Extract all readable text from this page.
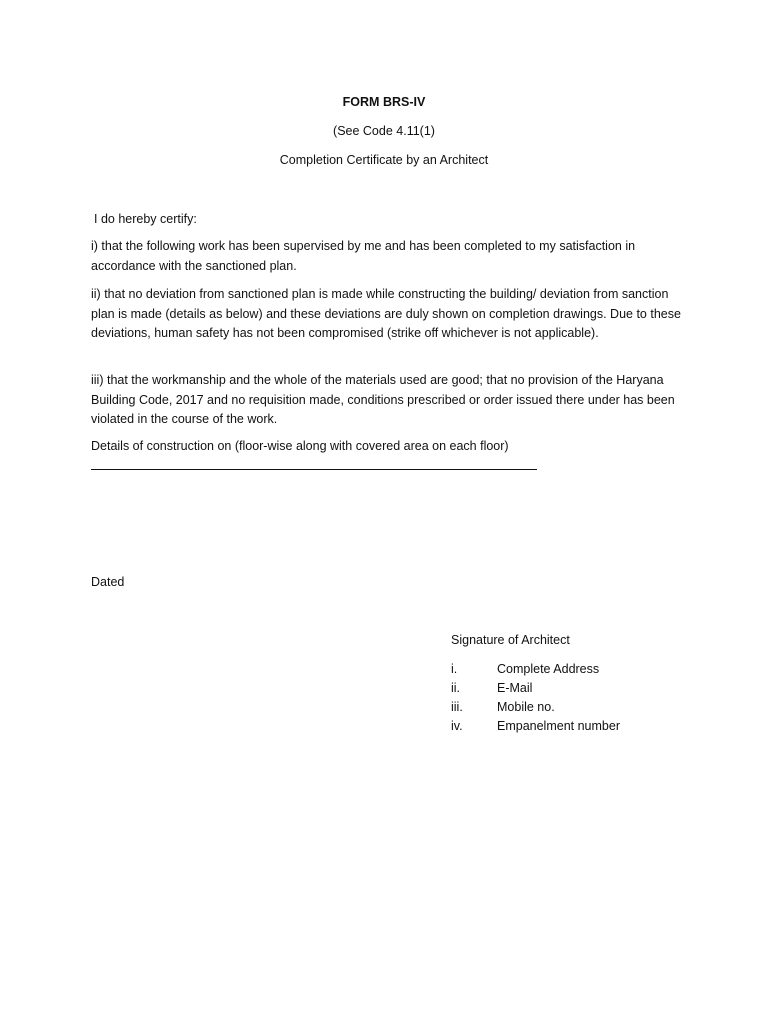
FORM BRS-IV
(See Code 4.11(1)
Completion Certificate by an Architect

I do hereby certify:

i) that the following work has been supervised by me and has been completed to my satisfaction in accordance with the sanctioned plan.

ii) that no deviation from sanctioned plan is made while constructing the building/ deviation from sanction plan is made (details as below) and these deviations are duly shown on completion drawings. Due to these deviations, human safety has not been compromised (strike off whichever is not applicable).

iii) that the workmanship and the whole of the materials used are good; that no provision of the Haryana Building Code, 2017 and no requisition made, conditions prescribed or order issued there under has been violated in the course of the work.

Details of construction on (floor-wise along with covered area on each floor)

Dated
Signature of Architect
i.	Complete Address
ii.	E-Mail
iii.	Mobile no.
iv.	Empanelment number
